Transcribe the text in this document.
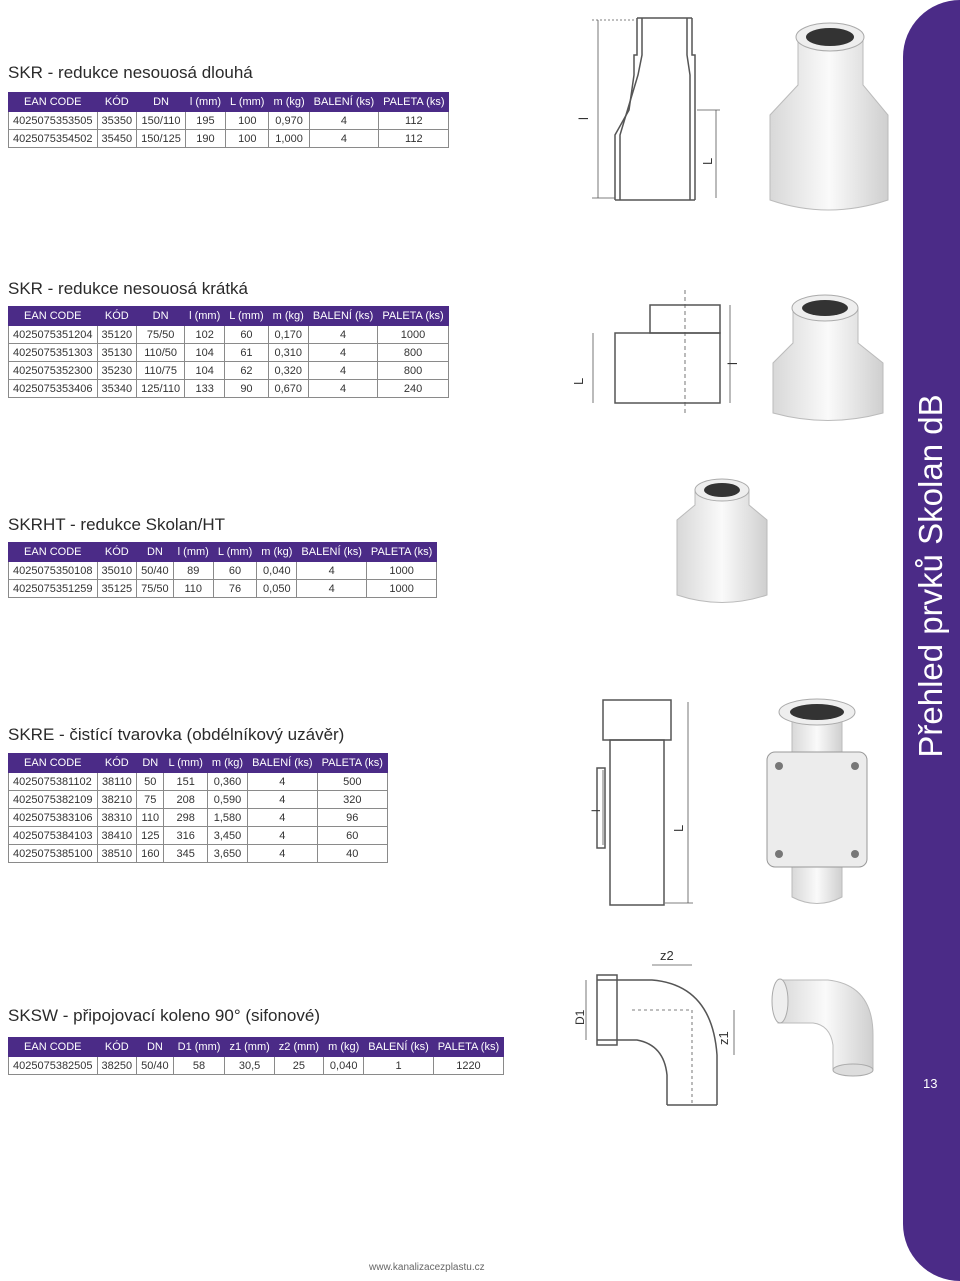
Přehled prvků Skolan dB
13
SKR - redukce nesouosá dlouhá
EAN CODE	KÓD	DN	l (mm)	L (mm)	m (kg)	BALENÍ (ks)	PALETA (ks)
4025075353505	35350	150/110	195	100	0,970	4	112
4025075354502	35450	150/125	190	100	1,000	4	112
SKR - redukce nesouosá krátká
EAN CODE	KÓD	DN	l (mm)	L (mm)	m (kg)	BALENÍ (ks)	PALETA (ks)
4025075351204	35120	75/50	102	60	0,170	4	1000
4025075351303	35130	110/50	104	61	0,310	4	800
4025075352300	35230	110/75	104	62	0,320	4	800
4025075353406	35340	125/110	133	90	0,670	4	240
SKRHT - redukce Skolan/HT
EAN CODE	KÓD	DN	l (mm)	L (mm)	m (kg)	BALENÍ (ks)	PALETA (ks)
4025075350108	35010	50/40	89	60	0,040	4	1000
4025075351259	35125	75/50	110	76	0,050	4	1000
SKRE - čistící tvarovka (obdélníkový uzávěr)
EAN CODE	KÓD	DN	L (mm)	m (kg)	BALENÍ (ks)	PALETA (ks)
4025075381102	38110	50	151	0,360	4	500
4025075382109	38210	75	208	0,590	4	320
4025075383106	38310	110	298	1,580	4	96
4025075384103	38410	125	316	3,450	4	60
4025075385100	38510	160	345	3,650	4	40
SKSW - připojovací koleno 90° (sifonové)
EAN CODE	KÓD	DN	D1 (mm)	z1 (mm)	z2 (mm)	m (kg)	BALENÍ (ks)	PALETA (ks)
4025075382505	38250	50/40	58	30,5	25	0,040	1	1220
l
L
L
l
l
L
z2
D1
z1
www.kanalizacezplastu.cz
